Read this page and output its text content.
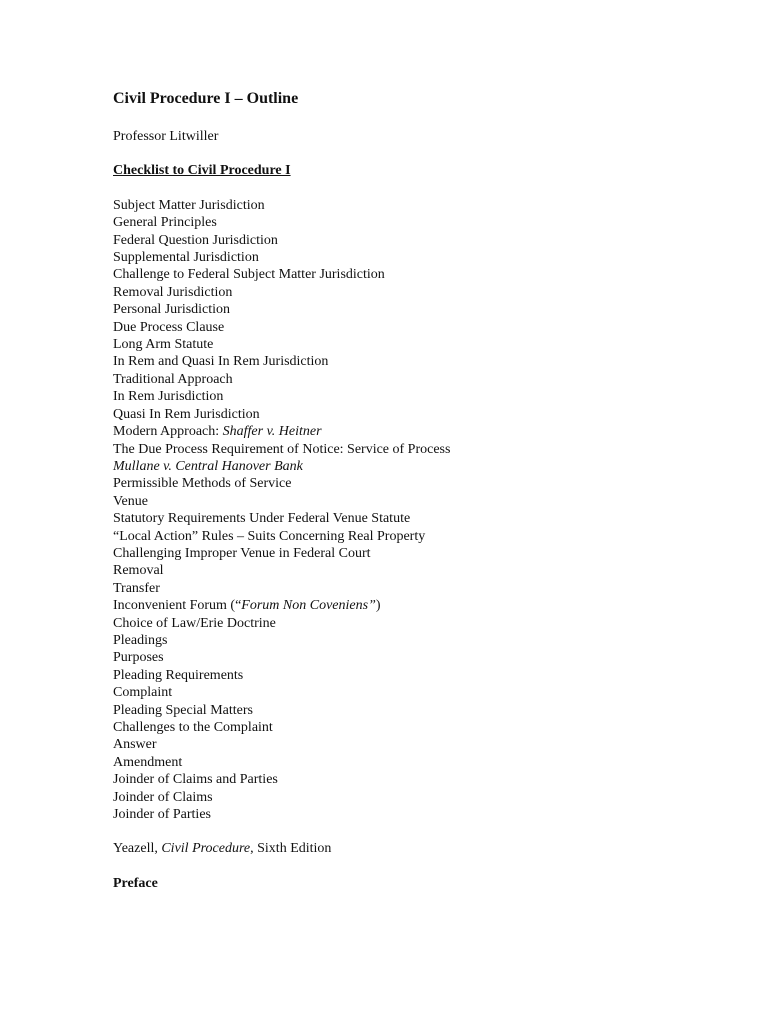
Civil Procedure I – Outline

Professor Litwiller

Checklist to Civil Procedure I

Subject Matter Jurisdiction
General Principles
Federal Question Jurisdiction
Supplemental Jurisdiction
Challenge to Federal Subject Matter Jurisdiction
Removal Jurisdiction
Personal Jurisdiction
Due Process Clause
Long Arm Statute
In Rem and Quasi In Rem Jurisdiction
Traditional Approach
In Rem Jurisdiction
Quasi In Rem Jurisdiction
Modern Approach: Shaffer v. Heitner
The Due Process Requirement of Notice: Service of Process
Mullane v. Central Hanover Bank
Permissible Methods of Service
Venue
Statutory Requirements Under Federal Venue Statute
“Local Action” Rules – Suits Concerning Real Property
Challenging Improper Venue in Federal Court
Removal
Transfer
Inconvenient Forum (“Forum Non Coveniens”)
Choice of Law/Erie Doctrine
Pleadings
Purposes
Pleading Requirements
Complaint
Pleading Special Matters
Challenges to the Complaint
Answer
Amendment
Joinder of Claims and Parties
Joinder of Claims
Joinder of Parties

Yeazell, Civil Procedure, Sixth Edition

Preface
